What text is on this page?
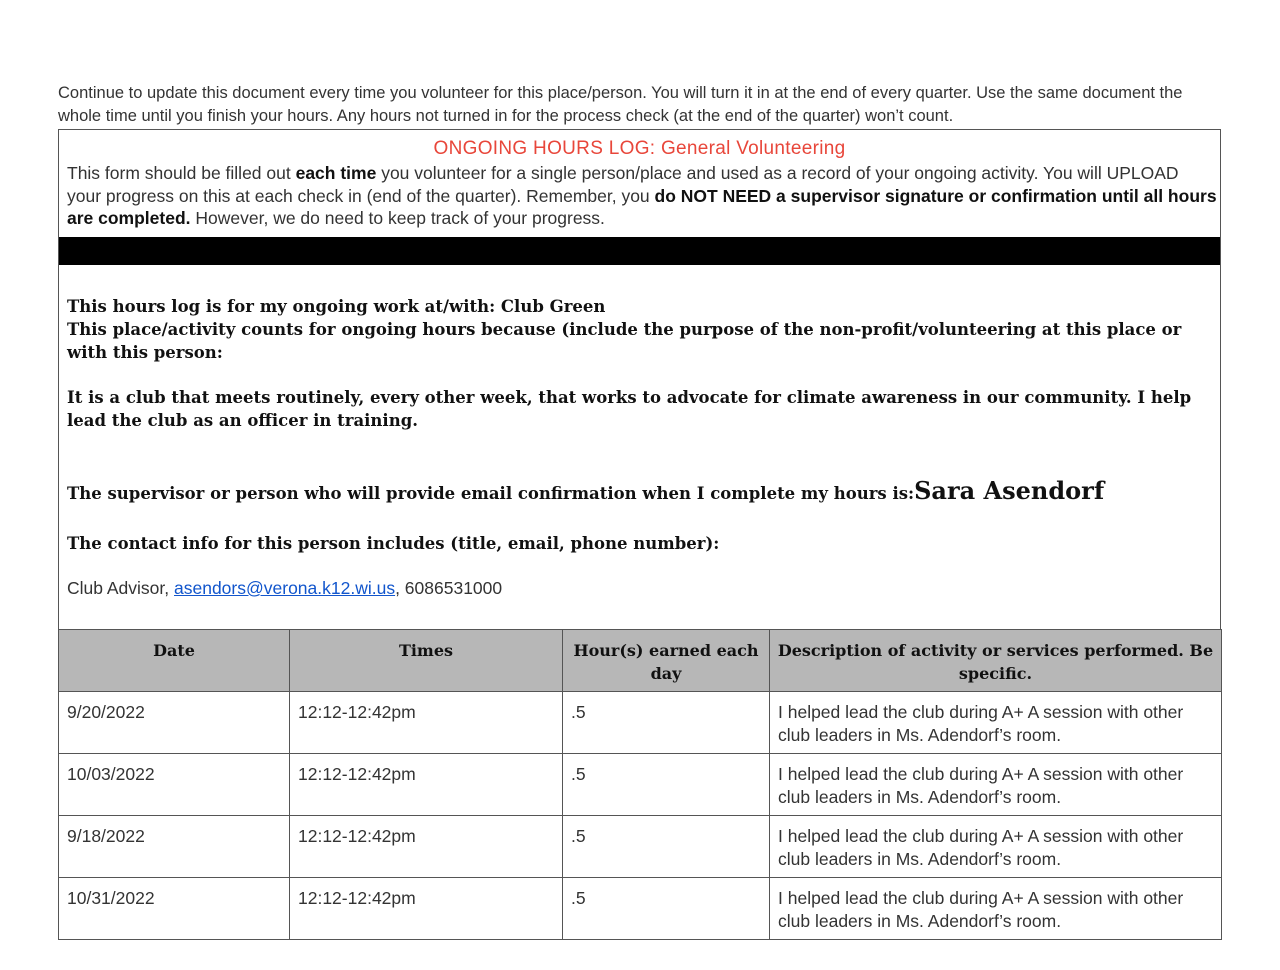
Continue to update this document every time you volunteer for this place/person. You will turn it in at the end of every quarter. Use the same document the whole time until you finish your hours. Any hours not turned in for the process check (at the end of the quarter) won’t count.
ONGOING HOURS LOG: General Volunteering
This form should be filled out each time you volunteer for a single person/place and used as a record of your ongoing activity. You will UPLOAD your progress on this at each check in (end of the quarter). Remember, you do NOT NEED a supervisor signature or confirmation until all hours are completed. However, we do need to keep track of your progress.
This hours log is for my ongoing work at/with: Club Green
This place/activity counts for ongoing hours because (include the purpose of the non-profit/volunteering at this place or with this person:
It is a club that meets routinely, every other week, that works to advocate for climate awareness in our community. I help lead the club as an officer in training.
The supervisor or person who will provide email confirmation when I complete my hours is:Sara Asendorf
The contact info for this person includes (title, email, phone number):
Club Advisor, asendors@verona.k12.wi.us, 6086531000
Date	Times	Hour(s) earned each day	Description of activity or services performed. Be specific.
9/20/2022	12:12-12:42pm	.5	I helped lead the club during A+ A session with other club leaders in Ms. Adendorf’s room.
10/03/2022	12:12-12:42pm	.5	I helped lead the club during A+ A session with other club leaders in Ms. Adendorf’s room.
9/18/2022	12:12-12:42pm	.5	I helped lead the club during A+ A session with other club leaders in Ms. Adendorf’s room.
10/31/2022	12:12-12:42pm	.5	I helped lead the club during A+ A session with other club leaders in Ms. Adendorf’s room.
